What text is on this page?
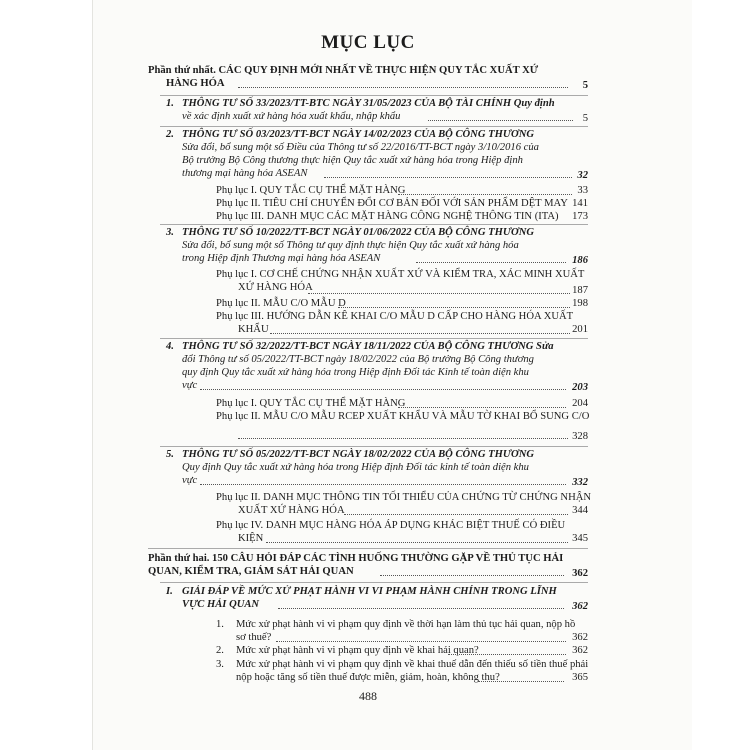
MỤC LỤC
Phần thứ nhất. CÁC QUY ĐỊNH MỚI NHẤT VỀ THỰC HIỆN QUY TẮC XUẤT XỨ
HÀNG HÓA	5
1. THÔNG TƯ SỐ 33/2023/TT-BTC NGÀY 31/05/2023 CỦA BỘ TÀI CHÍNH Quy định
về xác định xuất xứ hàng hóa xuất khẩu, nhập khẩu	5
2. THÔNG TƯ SỐ 03/2023/TT-BCT NGÀY 14/02/2023 CỦA BỘ CÔNG THƯƠNG
Sửa đổi, bổ sung một số Điều của Thông tư số 22/2016/TT-BCT ngày 3/10/2016 của
Bộ trưởng Bộ Công thương thực hiện Quy tắc xuất xứ hàng hóa trong Hiệp định
thương mại hàng hóa ASEAN	32
Phụ lục I. QUY TẮC CỤ THỂ MẶT HÀNG	33
Phụ lục II. TIÊU CHÍ CHUYỂN ĐỔI CƠ BẢN ĐỐI VỚI SẢN PHẨM DỆT MAY 141
Phụ lục III. DANH MỤC CÁC MẶT HÀNG CÔNG NGHỆ THÔNG TIN (ITA) 173
3. THÔNG TƯ SỐ 10/2022/TT-BCT NGÀY 01/06/2022 CỦA BỘ CÔNG THƯƠNG
Sửa đổi, bổ sung một số Thông tư quy định thực hiện Quy tắc xuất xứ hàng hóa
trong Hiệp định Thương mại hàng hóa ASEAN	186
Phụ lục I. CƠ CHẾ CHỨNG NHẬN XUẤT XỨ VÀ KIỂM TRA, XÁC MINH XUẤT
XỨ HÀNG HÓA	187
Phụ lục II. MẪU C/O MẪU D	198
Phụ lục III. HƯỚNG DẪN KÊ KHAI C/O MẪU D CẤP CHO HÀNG HÓA XUẤT
KHẨU	201
4. THÔNG TƯ SỐ 32/2022/TT-BCT NGÀY 18/11/2022 CỦA BỘ CÔNG THƯƠNG Sửa
đổi Thông tư số 05/2022/TT-BCT ngày 18/02/2022 của Bộ trưởng Bộ Công thương
quy định Quy tắc xuất xứ hàng hóa trong Hiệp định Đối tác Kinh tế toàn diện khu
vực	203
Phụ lục I. QUY TẮC CỤ THỂ MẶT HÀNG	204
Phụ lục II. MẪU C/O MẪU RCEP XUẤT KHẨU VÀ MẪU TỜ KHAI BỔ SUNG C/O
328
5. THÔNG TƯ SỐ 05/2022/TT-BCT NGÀY 18/02/2022 CỦA BỘ CÔNG THƯƠNG
Quy định Quy tắc xuất xứ hàng hóa trong Hiệp định Đối tác kinh tế toàn diện khu
vực	332
Phụ lục II. DANH MỤC THÔNG TIN TỐI THIỂU CỦA CHỨNG TỪ CHỨNG NHẬN
XUẤT XỨ HÀNG HÓA	344
Phụ lục IV. DANH MỤC HÀNG HÓA ÁP DỤNG KHÁC BIỆT THUẾ CÓ ĐIỀU
KIỆN	345
Phần thứ hai. 150 CÂU HỎI ĐÁP CÁC TÌNH HUỐNG THƯỜNG GẶP VỀ THỦ TỤC HẢI
QUAN, KIỂM TRA, GIÁM SÁT HẢI QUAN	362
I. GIẢI ĐÁP VỀ MỨC XỬ PHẠT HÀNH VI VI PHẠM HÀNH CHÍNH TRONG LĨNH
VỰC HẢI QUAN	362
1. Mức xử phạt hành vi vi phạm quy định về thời hạn làm thủ tục hải quan, nộp hồ
sơ thuế?	362
2. Mức xử phạt hành vi vi phạm quy định về khai hải quan?	362
3. Mức xử phạt hành vi vi phạm quy định về khai thuế dẫn đến thiếu số tiền thuế phải
nộp hoặc tăng số tiền thuế được miễn, giảm, hoàn, không thu?	365
488
